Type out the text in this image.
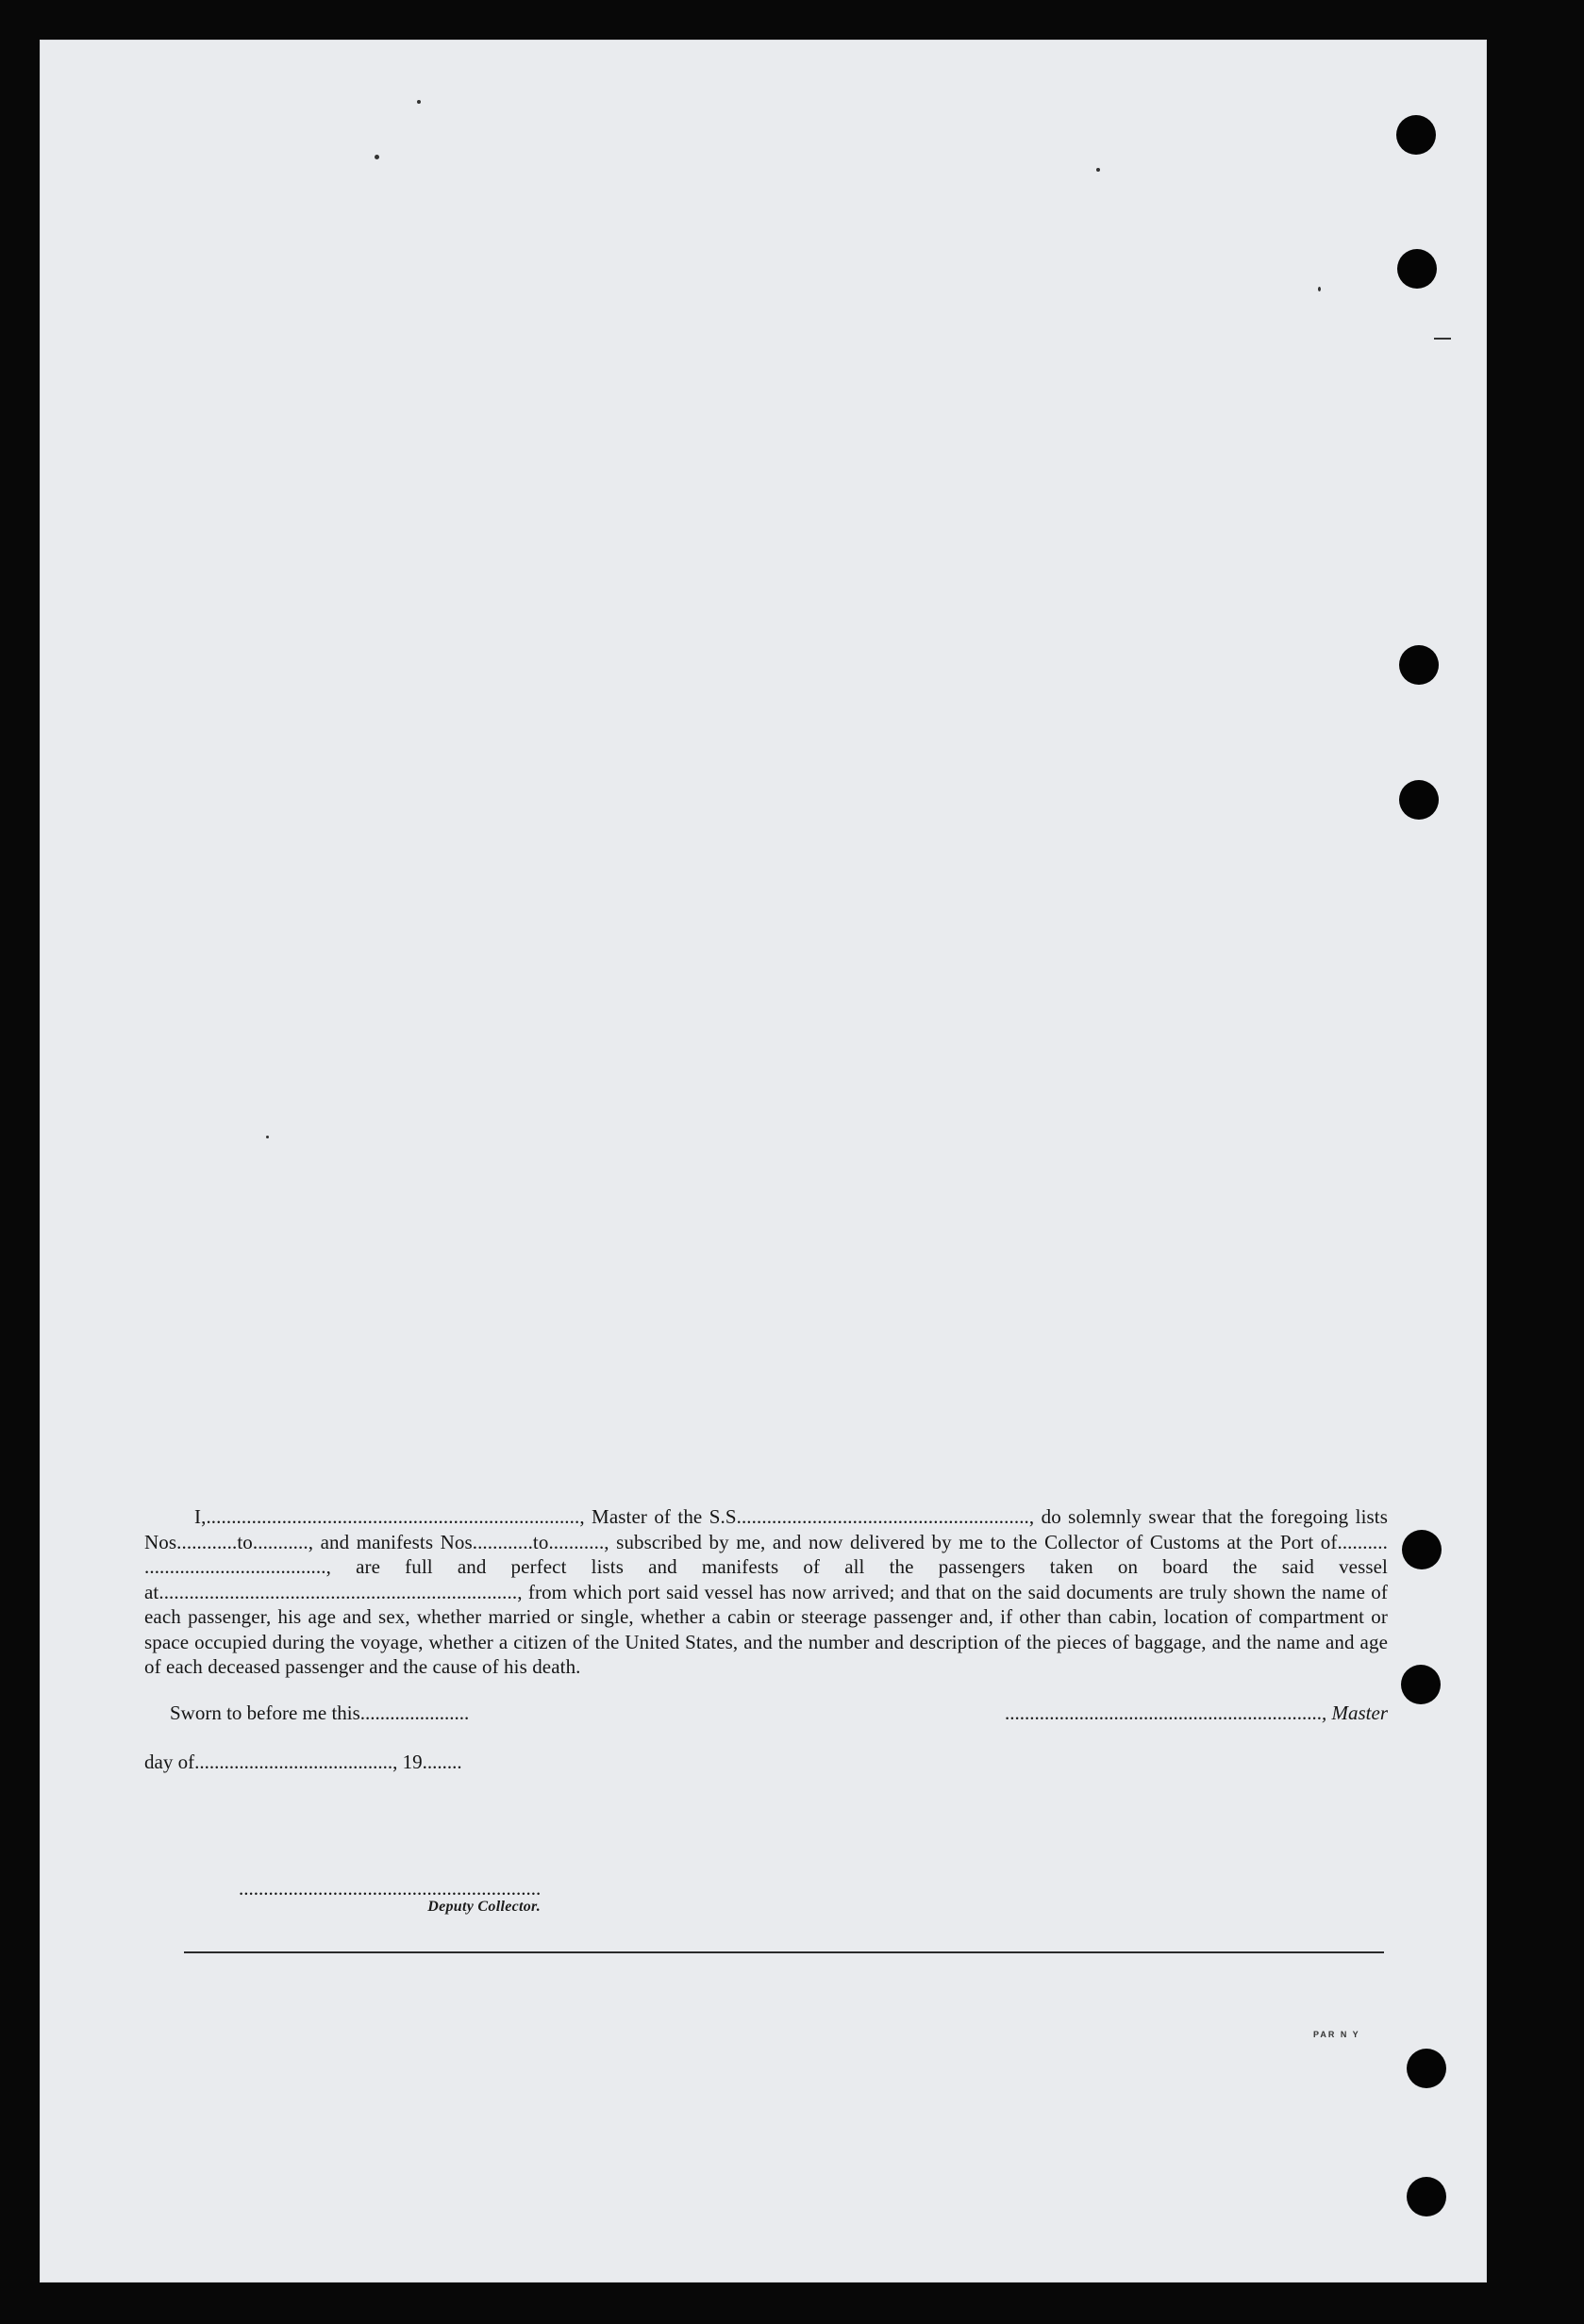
I,.........................................................................., Master of the S.S.........................................................., do solemnly swear that the foregoing lists Nos............to..........., and manifests Nos............to..........., subscribed by me, and now delivered by me to the Collector of Customs at the Port of.......... ...................................., are full and perfect lists and manifests of all the passengers taken on board the said vessel at......................................................................., from which port said vessel has now arrived; and that on the said documents are truly shown the name of each passenger, his age and sex, whether married or single, whether a cabin or steerage passenger and, if other than cabin, location of compartment or space occupied during the voyage, whether a citizen of the United States, and the number and description of the pieces of baggage, and the name and age of each deceased passenger and the cause of his death.

Sworn to before me this......................	................................................................, Master
day of........................................, 19........
.............................................................
Deputy Collector.
PAR N Y
